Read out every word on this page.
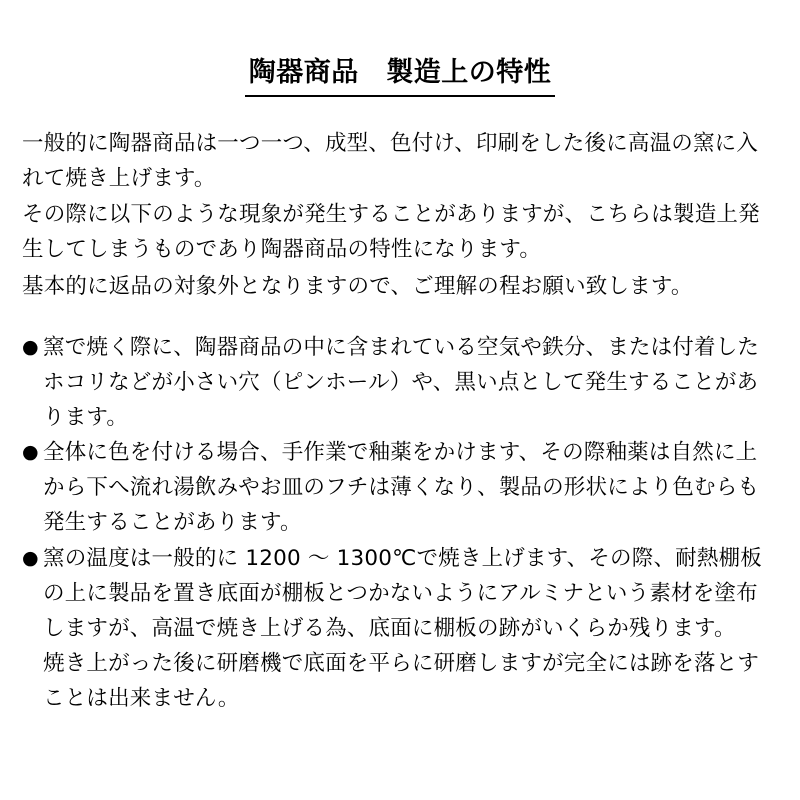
陶器商品　製造上の特性

一般的に陶器商品は一つ一つ、成型、色付け、印刷をした後に高温の窯に入れて焼き上げます。

その際に以下のような現象が発生することがありますが、こちらは製造上発生してしまうものであり陶器商品の特性になります。

基本的に返品の対象外となりますので、ご理解の程お願い致します。

● 窯で焼く際に、陶器商品の中に含まれている空気や鉄分、または付着したホコリなどが小さい穴（ピンホール）や、黒い点として発生することがあります。
● 全体に色を付ける場合、手作業で釉薬をかけます、その際釉薬は自然に上から下へ流れ湯飲みやお皿のフチは薄くなり、製品の形状により色むらも発生することがあります。
● 窯の温度は一般的に 1200 〜 1300℃で焼き上げます、その際、耐熱棚板の上に製品を置き底面が棚板とつかないようにアルミナという素材を塗布しますが、高温で焼き上げる為、底面に棚板の跡がいくらか残ります。
焼き上がった後に研磨機で底面を平らに研磨しますが完全には跡を落とすことは出来ません。
